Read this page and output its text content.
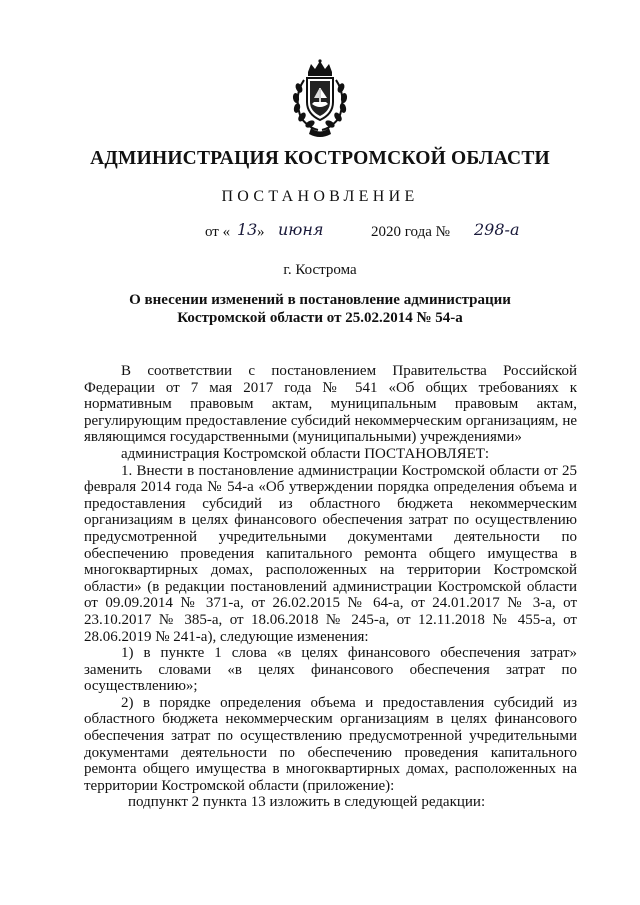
АДМИНИСТРАЦИЯ КОСТРОМСКОЙ ОБЛАСТИ
ПОСТАНОВЛЕНИЕ
от « 13 » июня	2020 года № 298-а
г. Кострома
О внесении изменений в постановление администрации
Костромской области от 25.02.2014 № 54-а

В соответствии с постановлением Правительства Российской Федерации от 7 мая 2017 года № 541 «Об общих требованиях к нормативным правовым актам, муниципальным правовым актам, регулирующим предоставление субсидий некоммерческим организациям, не являющимся государственными (муниципальными) учреждениями»

администрация Костромской области ПОСТАНОВЛЯЕТ:

1. Внести в постановление администрации Костромской области от 25 февраля 2014 года № 54-а «Об утверждении порядка определения объема и предоставления субсидий из областного бюджета некоммерческим организациям в целях финансового обеспечения затрат по осуществлению предусмотренной учредительными документами деятельности по обеспечению проведения капитального ремонта общего имущества в многоквартирных домах, расположенных на территории Костромской области» (в редакции постановлений администрации Костромской области от 09.09.2014 № 371-а, от 26.02.2015 № 64-а, от 24.01.2017 № 3-а, от 23.10.2017 № 385-а, от 18.06.2018 № 245-а, от 12.11.2018 № 455-а, от 28.06.2019 № 241-а), следующие изменения:

1) в пункте 1 слова «в целях финансового обеспечения затрат» заменить словами «в целях финансового обеспечения затрат по осуществлению»;

2) в порядке определения объема и предоставления субсидий из областного бюджета некоммерческим организациям в целях финансового обеспечения затрат по осуществлению предусмотренной учредительными документами деятельности по обеспечению проведения капитального ремонта общего имущества в многоквартирных домах, расположенных на территории Костромской области (приложение):

подпункт 2 пункта 13 изложить в следующей редакции:
